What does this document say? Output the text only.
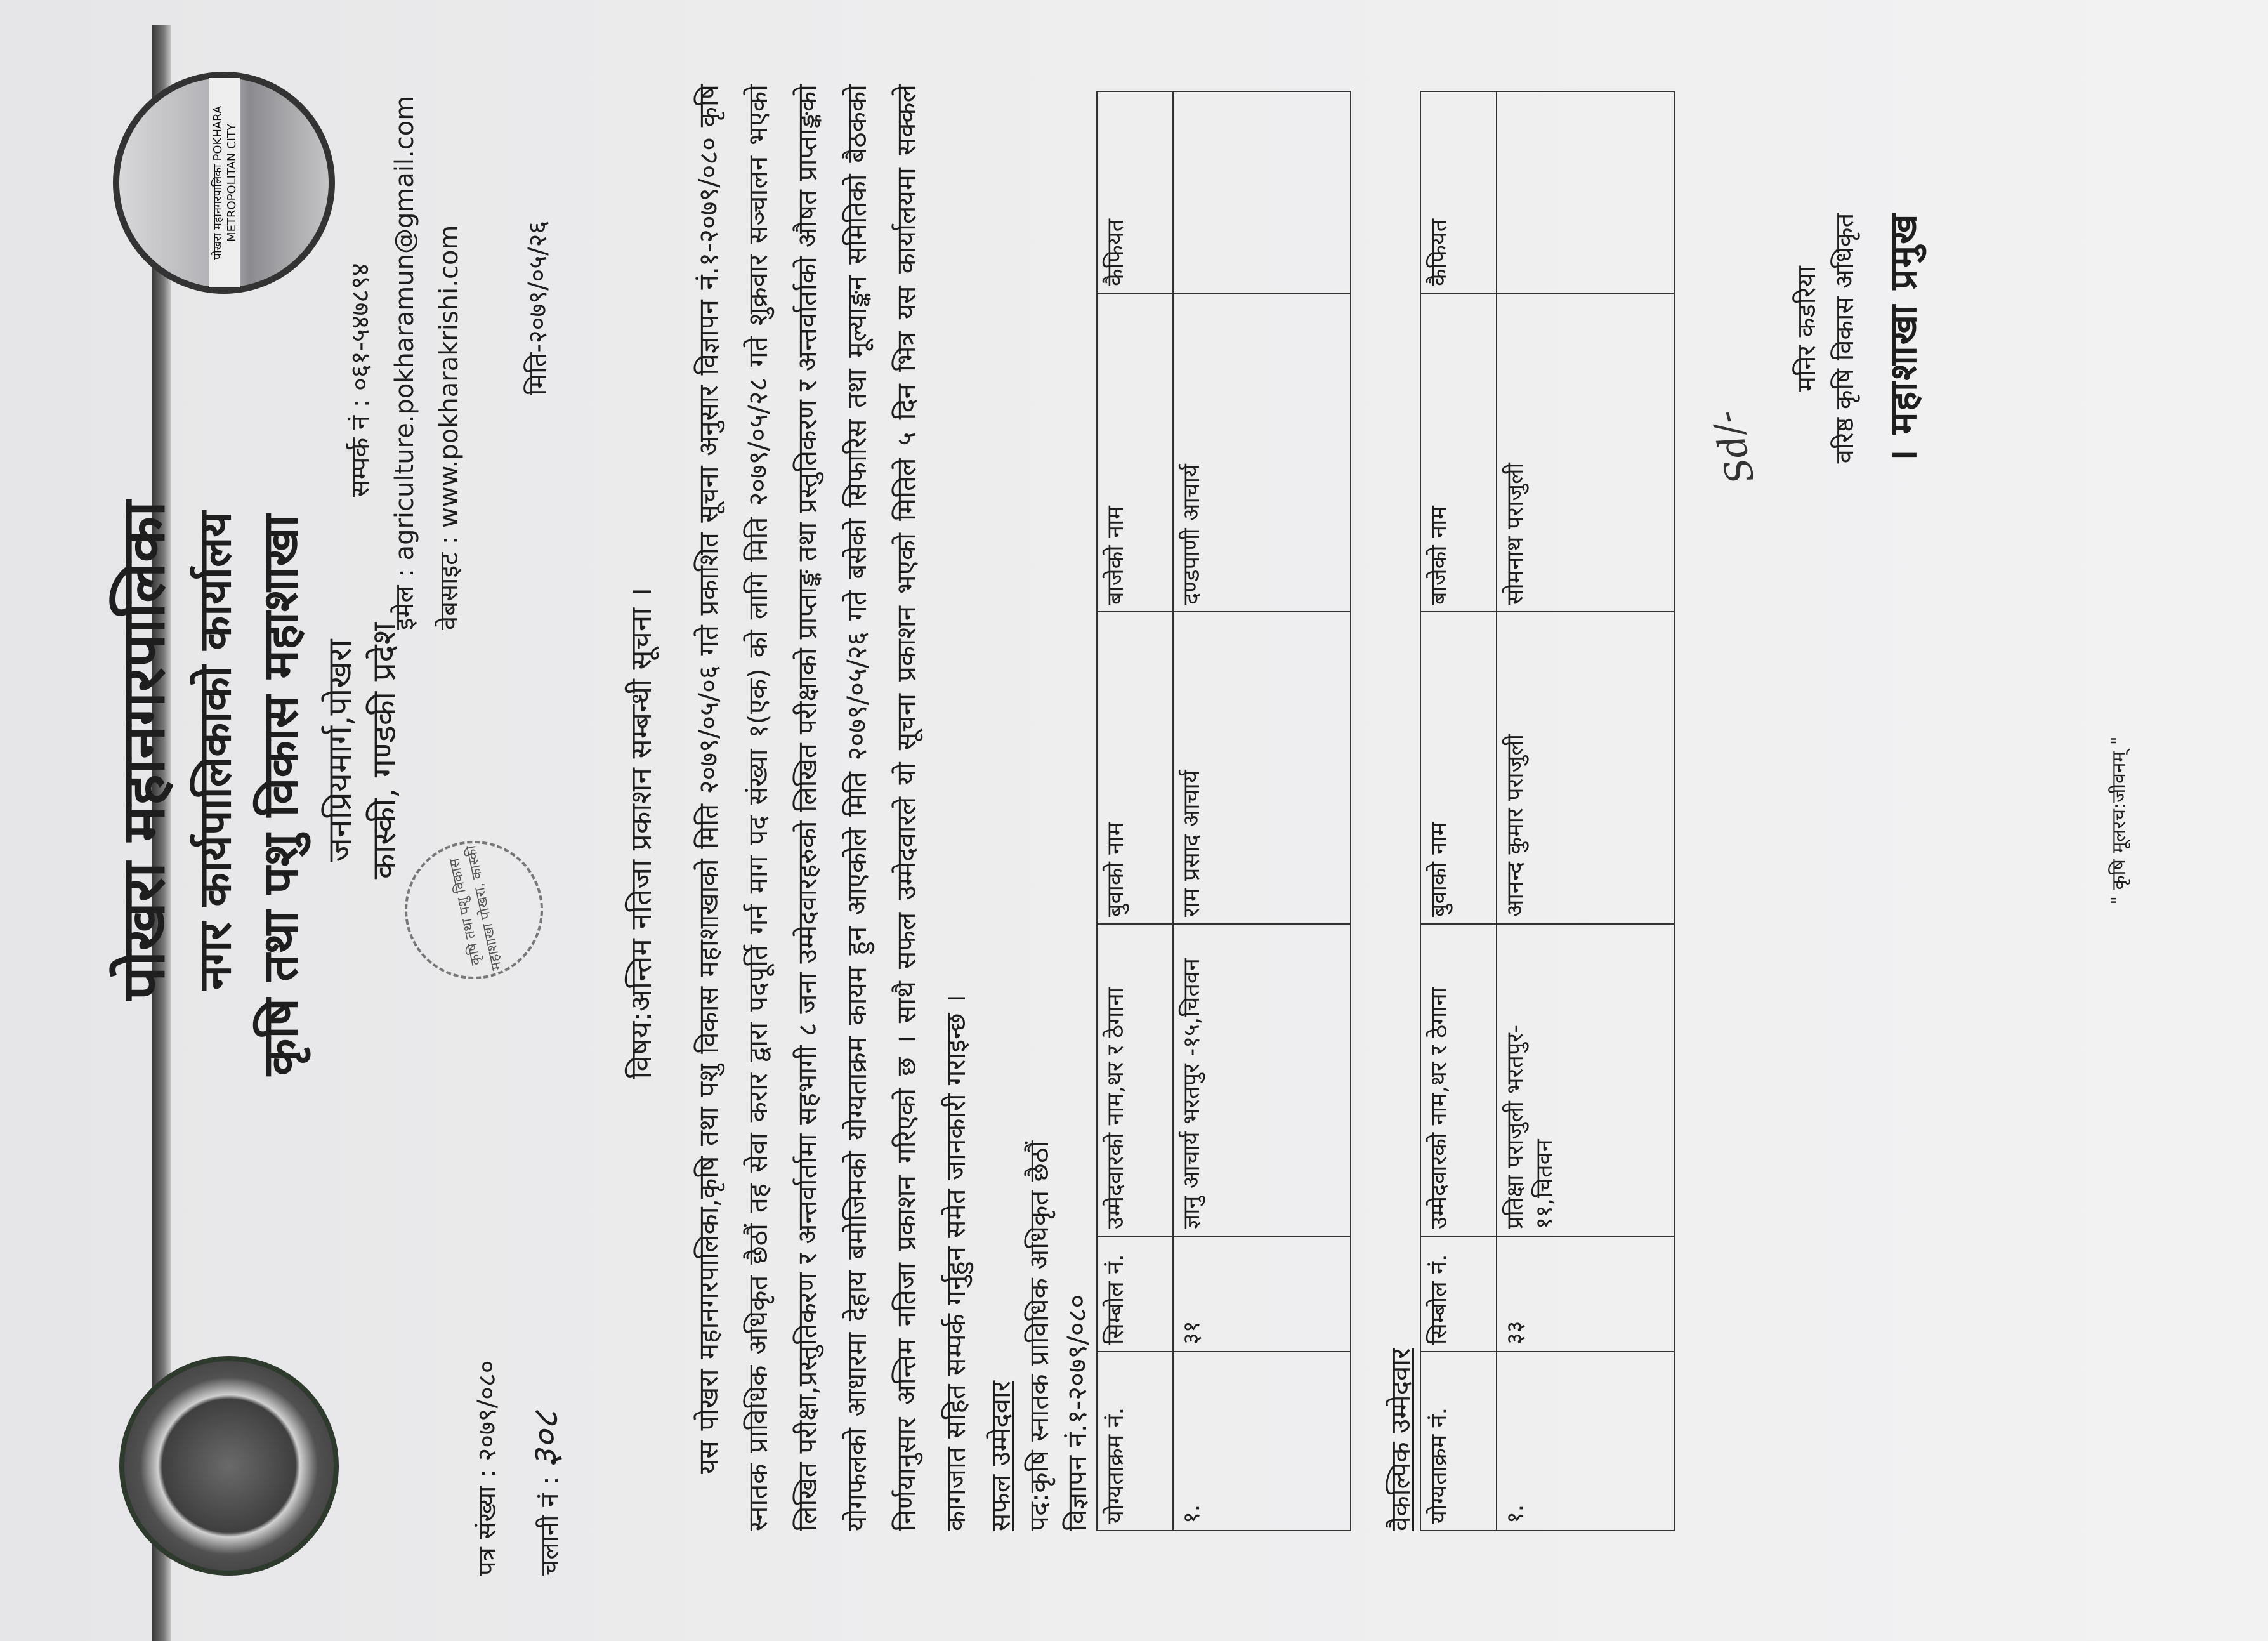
पोखरा महानगरपालिका POKHARA METROPOLITAN CITY
पोखरा महानगरपालिका नगर कार्यपालिकाको कार्यालय कृषि तथा पशु विकास महाशाखा जनप्रियमार्ग,पोखरा कास्की, गण्डकी प्रदेश
कृषि तथा पशु विकास महाशाखा पोखरा, कास्की
सम्पर्क नं : ०६१-५४७८९४ इमेल : agriculture.pokharamun@gmail.com वेबसाइट : www.pokharakrishi.com
पत्र संख्या : २०७९/०८०	चलानी नं : ३०८
मिति-२०७९/०५/२६
विषय:अन्तिम नतिजा प्रकाशन सम्बन्धी सूचना ।	यस पोखरा महानगरपालिका,कृषि तथा पशु विकास महाशाखाको मिति २०७९/०५/०६ गते प्रकाशित सूचना अनुसार विज्ञापन नं.१-२०७९/०८० कृषि स्नातक प्राविधिक अधिकृत छैठौं तह सेवा करार द्वारा पदपूर्ति गर्न माग पद संख्या १(एक) को लागि मिति २०७९/०५/२८ गते शुक्रवार सञ्चालन भएको लिखित परीक्षा,प्रस्तुतिकरण र अन्तर्वार्तामा सहभागी ८ जना उम्मेदवारहरुको लिखित परीक्षाको प्राप्ताङ्क तथा प्रस्तुतिकरण र अन्तर्वार्ताको औषत प्राप्ताङ्कको योगफलको आधारमा देहाय बमोजिमको योग्यताक्रम कायम हुन आएकोले मिति २०७९/०५/२६ गते बसेको सिफारिस तथा मूल्याङ्कन समितिको बैठकको निर्णयानुसार अन्तिम नतिजा प्रकाशन गरिएको छ । साथै सफल उम्मेदवारले यो सूचना प्रकाशन भएको मितिले ५ दिन भित्र यस कार्यालयमा सक्कले कागजात सहित सम्पर्क गर्नुहुन समेत जानकारी गराइन्छ । सफल उम्मेदवार पद:कृषि स्नातक प्राविधिक अधिकृत छैठौं विज्ञापन नं.१-२०७९/०८० योग्यताक्रम नं.	सिम्बोल नं.	उम्मेदवारको नाम,थर र ठेगाना	बुवाको नाम	बाजेको नाम	कैफियत
१.	३१	ज्ञानु आचार्य भरतपुर -१५,चितवन	राम प्रसाद आचार्य	दण्डपाणी आचार्य	
वैकल्पिक उम्मेदवार योग्यताक्रम नं.	सिम्बोल नं.	उम्मेदवारको नाम,थर र ठेगाना	बुवाको नाम	बाजेको नाम	कैफियत
१.	३३	प्रतिक्षा पराजुली भरतपुर- ११,चितवन	आनन्द कुमार पराजुली	सोमनाथ पराजुली	
Sd/-
मनिर कडरिया वरिष्ठ कृषि विकास अधिकृत । महाशाखा प्रमुख
" कृषि मूलरच:जीवनम् "
